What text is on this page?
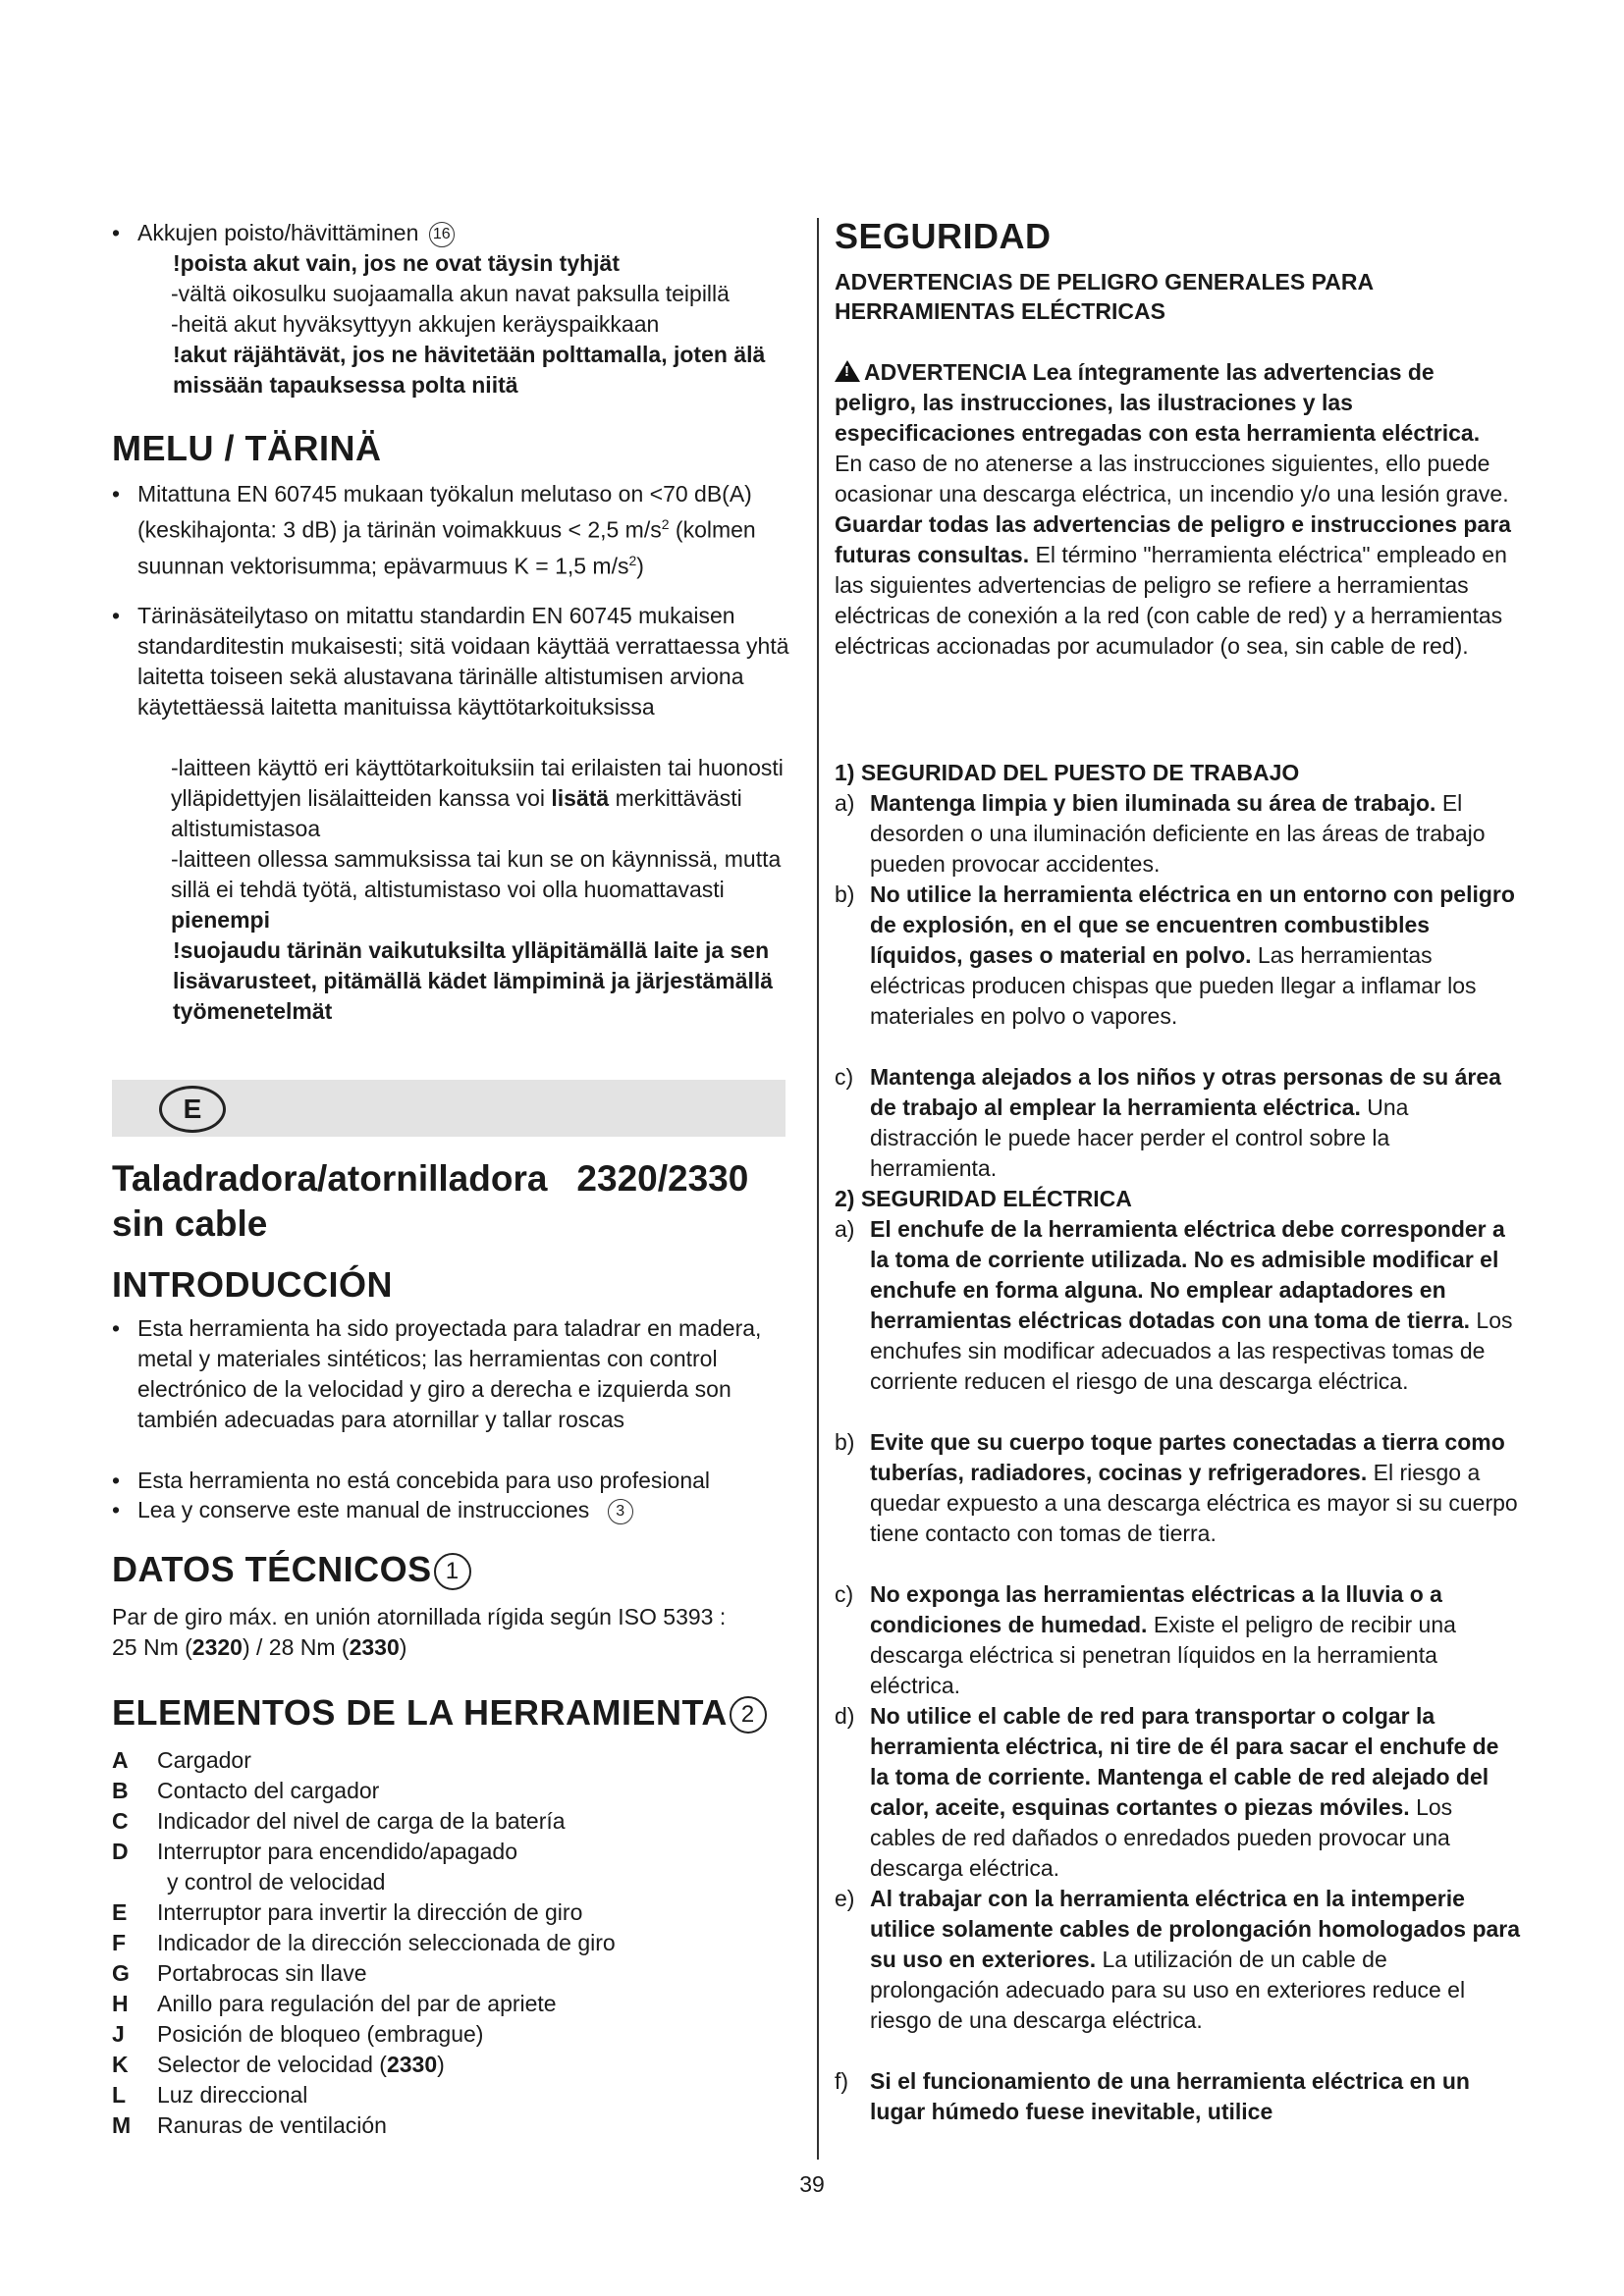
• Akkujen poisto/hävittäminen 16
!poista akut vain, jos ne ovat täysin tyhjät
-vältä oikosulku suojaamalla akun navat paksulla teipillä
-heitä akut hyväksyttyyn akkujen keräyspaikkaan
!akut räjähtävät, jos ne hävitetään polttamalla, joten älä missään tapauksessa polta niitä
MELU / TÄRINÄ
• Mitattuna EN 60745 mukaan työkalun melutaso on <70 dB(A) (keskihajonta: 3 dB) ja tärinän voimakkuus < 2,5 $m/s^2$ (kolmen suunnan vektorisumma; epävarmuus K = 1,5 $m/s^2$)
• Tärinäsäteilytaso on mitattu standardin EN 60745 mukaisen standarditestin mukaisesti; sitä voidaan käyttää verrattaessa yhtä laitetta toiseen sekä alustavana tärinälle altistumisen arviona käytettäessä laitetta manituissa käyttötarkoituksissa
-laitteen käyttö eri käyttötarkoituksiin tai erilaisten tai huonosti ylläpidettyjen lisälaitteiden kanssa voi lisätä merkittävästi altistumistasoa
-laitteen ollessa sammuksissa tai kun se on käynnissä, mutta sillä ei tehdä työtä, altistumistaso voi olla huomattavasti pienempi
!suojaudu tärinän vaikutuksilta ylläpitämällä laite ja sen lisävarusteet, pitämällä kädet lämpiminä ja järjestämällä työmenetelmät
E
Taladradora/atornilladora 2320/2330
sin cable
INTRODUCCIÓN
• Esta herramienta ha sido proyectada para taladrar en madera, metal y materiales sintéticos; las herramientas con control electrónico de la velocidad y giro a derecha e izquierda son también adecuadas para atornillar y tallar roscas
• Esta herramienta no está concebida para uso profesional
• Lea y conserve este manual de instrucciones 3
DATOS TÉCNICOS 1
Par de giro máx. en unión atornillada rígida según ISO 5393 :
25 Nm (2320) / 28 Nm (2330)
ELEMENTOS DE LA HERRAMIENTA 2
A Cargador
B Contacto del cargador
C Indicador del nivel de carga de la batería
D Interruptor para encendido/apagado
y control de velocidad
E Interruptor para invertir la dirección de giro
F Indicador de la dirección seleccionada de giro
G Portabrocas sin llave
H Anillo para regulación del par de apriete
J Posición de bloqueo (embrague)
K Selector de velocidad (2330)
L Luz direccional
M Ranuras de ventilación
SEGURIDAD
ADVERTENCIAS DE PELIGRO GENERALES PARA HERRAMIENTAS ELÉCTRICAS
!ADVERTENCIA Lea íntegramente las advertencias de peligro, las instrucciones, las ilustraciones y las especificaciones entregadas con esta herramienta eléctrica. En caso de no atenerse a las instrucciones siguientes, ello puede ocasionar una descarga eléctrica, un incendio y/o una lesión grave. Guardar todas las advertencias de peligro e instrucciones para futuras consultas. El término "herramienta eléctrica" empleado en las siguientes advertencias de peligro se refiere a herramientas eléctricas de conexión a la red (con cable de red) y a herramientas eléctricas accionadas por acumulador (o sea, sin cable de red).
1) SEGURIDAD DEL PUESTO DE TRABAJO
a) Mantenga limpia y bien iluminada su área de trabajo. El desorden o una iluminación deficiente en las áreas de trabajo pueden provocar accidentes.
b) No utilice la herramienta eléctrica en un entorno con peligro de explosión, en el que se encuentren combustibles líquidos, gases o material en polvo. Las herramientas eléctricas producen chispas que pueden llegar a inflamar los materiales en polvo o vapores.
c) Mantenga alejados a los niños y otras personas de su área de trabajo al emplear la herramienta eléctrica. Una distracción le puede hacer perder el control sobre la herramienta.
2) SEGURIDAD ELÉCTRICA
a) El enchufe de la herramienta eléctrica debe corresponder a la toma de corriente utilizada. No es admisible modificar el enchufe en forma alguna. No emplear adaptadores en herramientas eléctricas dotadas con una toma de tierra. Los enchufes sin modificar adecuados a las respectivas tomas de corriente reducen el riesgo de una descarga eléctrica.
b) Evite que su cuerpo toque partes conectadas a tierra como tuberías, radiadores, cocinas y refrigeradores. El riesgo a quedar expuesto a una descarga eléctrica es mayor si su cuerpo tiene contacto con tomas de tierra.
c) No exponga las herramientas eléctricas a la lluvia o a condiciones de humedad. Existe el peligro de recibir una descarga eléctrica si penetran líquidos en la herramienta eléctrica.
d) No utilice el cable de red para transportar o colgar la herramienta eléctrica, ni tire de él para sacar el enchufe de la toma de corriente. Mantenga el cable de red alejado del calor, aceite, esquinas cortantes o piezas móviles. Los cables de red dañados o enredados pueden provocar una descarga eléctrica.
e) Al trabajar con la herramienta eléctrica en la intemperie utilice solamente cables de prolongación homologados para su uso en exteriores. La utilización de un cable de prolongación adecuado para su uso en exteriores reduce el riesgo de una descarga eléctrica.
f) Si el funcionamiento de una herramienta eléctrica en un lugar húmedo fuese inevitable, utilice
39
